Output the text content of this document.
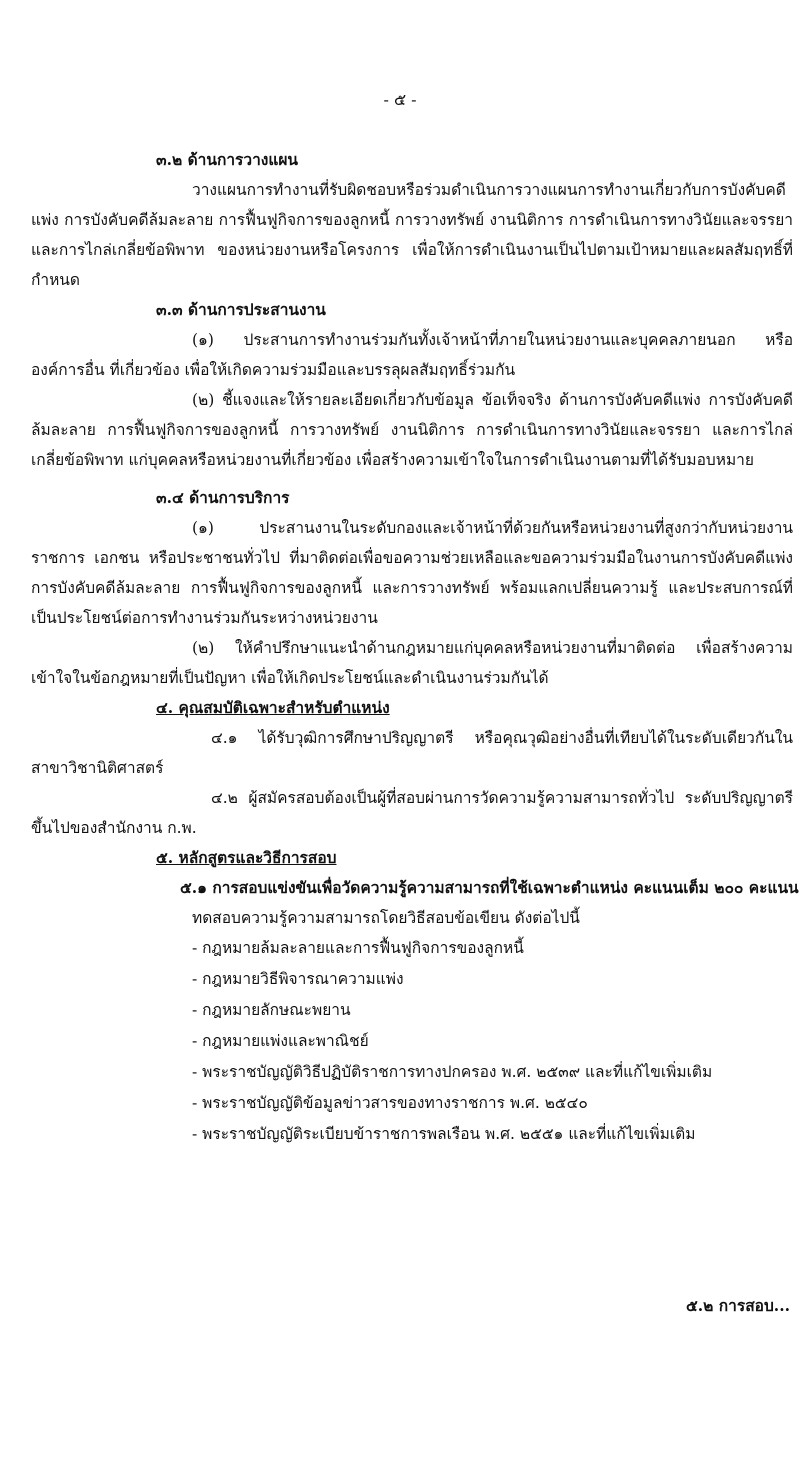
- ๕ -
๓.๒ ด้านการวางแผน
วางแผนการทำงานที่รับผิดชอบหรือร่วมดำเนินการวางแผนการทำงานเกี่ยวกับการบังคับคดีแพ่ง การบังคับคดีล้มละลาย การฟื้นฟูกิจการของลูกหนี้ การวางทรัพย์ งานนิติการ การดำเนินการทางวินัยและจรรยา และการไกล่เกลี่ยข้อพิพาท ของหน่วยงานหรือโครงการ เพื่อให้การดำเนินงานเป็นไปตามเป้าหมายและผลสัมฤทธิ์ที่กำหนด
๓.๓ ด้านการประสานงาน
(๑) ประสานการทำงานร่วมกันทั้งเจ้าหน้าที่ภายในหน่วยงานและบุคคลภายนอก หรือองค์การอื่น ที่เกี่ยวข้อง เพื่อให้เกิดความร่วมมือและบรรลุผลสัมฤทธิ์ร่วมกัน
(๒) ชี้แจงและให้รายละเอียดเกี่ยวกับข้อมูล ข้อเท็จจริง ด้านการบังคับคดีแพ่ง การบังคับคดีล้มละลาย การฟื้นฟูกิจการของลูกหนี้ การวางทรัพย์ งานนิติการ การดำเนินการทางวินัยและจรรยา และการไกล่เกลี่ยข้อพิพาท แก่บุคคลหรือหน่วยงานที่เกี่ยวข้อง เพื่อสร้างความเข้าใจในการดำเนินงานตามที่ได้รับมอบหมาย
๓.๔ ด้านการบริการ
(๑) ประสานงานในระดับกองและเจ้าหน้าที่ด้วยกันหรือหน่วยงานที่สูงกว่ากับหน่วยงานราชการ เอกชน หรือประชาชนทั่วไป ที่มาติดต่อเพื่อขอความช่วยเหลือและขอความร่วมมือในงานการบังคับคดีแพ่ง การบังคับคดีล้มละลาย การฟื้นฟูกิจการของลูกหนี้ และการวางทรัพย์ พร้อมแลกเปลี่ยนความรู้ และประสบการณ์ที่เป็นประโยชน์ต่อการทำงานร่วมกันระหว่างหน่วยงาน
(๒) ให้คำปรึกษาแนะนำด้านกฎหมายแก่บุคคลหรือหน่วยงานที่มาติดต่อ เพื่อสร้างความเข้าใจในข้อกฎหมายที่เป็นปัญหา เพื่อให้เกิดประโยชน์และดำเนินงานร่วมกันได้
๔. คุณสมบัติเฉพาะสำหรับตำแหน่ง
๔.๑ ได้รับวุฒิการศึกษาปริญญาตรี หรือคุณวุฒิอย่างอื่นที่เทียบได้ในระดับเดียวกันในสาขาวิชานิติศาสตร์
๔.๒ ผู้สมัครสอบต้องเป็นผู้ที่สอบผ่านการวัดความรู้ความสามารถทั่วไป ระดับปริญญาตรีขึ้นไปของสำนักงาน ก.พ.
๕. หลักสูตรและวิธีการสอบ
๕.๑ การสอบแข่งขันเพื่อวัดความรู้ความสามารถที่ใช้เฉพาะตำแหน่ง คะแนนเต็ม ๒๐๐ คะแนน
ทดสอบความรู้ความสามารถโดยวิธีสอบข้อเขียน ดังต่อไปนี้
- กฎหมายล้มละลายและการฟื้นฟูกิจการของลูกหนี้
- กฎหมายวิธีพิจารณาความแพ่ง
- กฎหมายลักษณะพยาน
- กฎหมายแพ่งและพาณิชย์
- พระราชบัญญัติวิธีปฏิบัติราชการทางปกครอง พ.ศ. ๒๕๓๙ และที่แก้ไขเพิ่มเติม
- พระราชบัญญัติข้อมูลข่าวสารของทางราชการ พ.ศ. ๒๕๔๐
- พระราชบัญญัติระเบียบข้าราชการพลเรือน พ.ศ. ๒๕๕๑ และที่แก้ไขเพิ่มเติม
๕.๒ การสอบ...
